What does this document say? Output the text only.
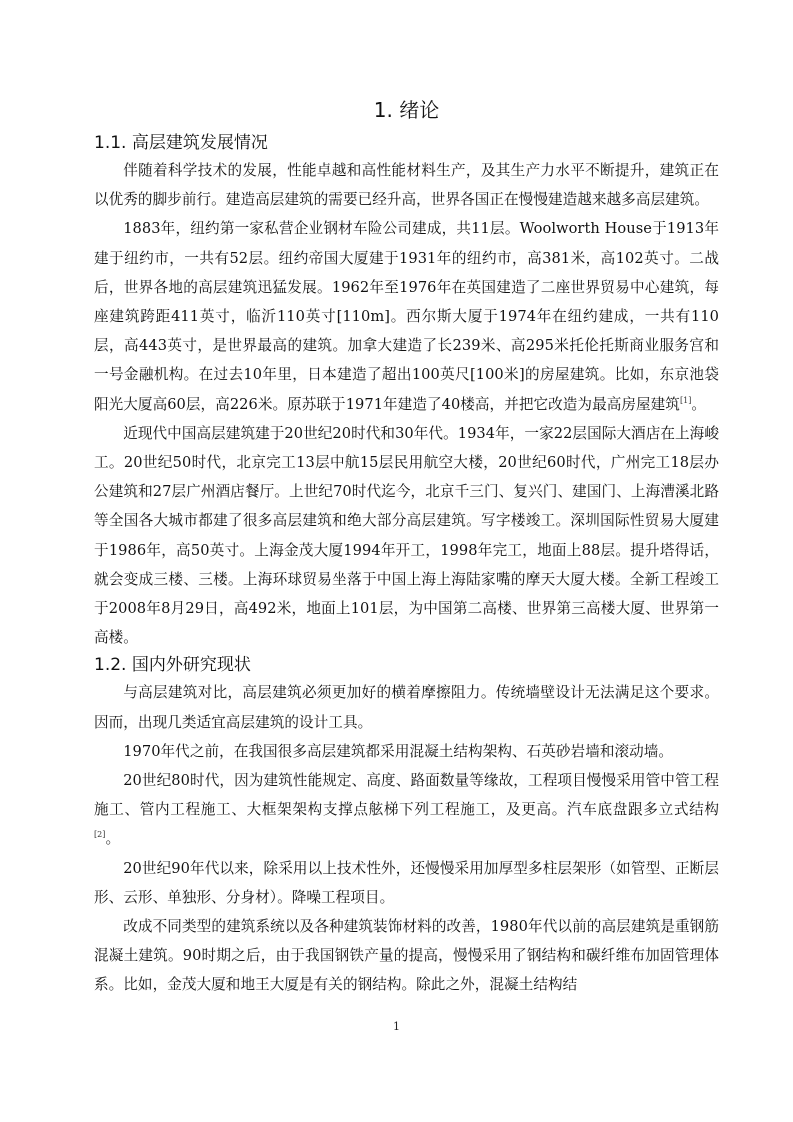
1. 绪论
1.1. 高层建筑发展情况

伴随着科学技术的发展，性能卓越和高性能材料生产，及其生产力水平不断提升，建筑正在以优秀的脚步前行。建造高层建筑的需要已经升高，世界各国正在慢慢建造越来越多高层建筑。

1883年，纽约第一家私营企业钢材车险公司建成，共11层。Woolworth House于1913年建于纽约市，一共有52层。纽约帝国大厦建于1931年的纽约市，高381米，高102英寸。二战后，世界各地的高层建筑迅猛发展。1962年至1976年在英国建造了二座世界贸易中心建筑，每座建筑跨距411英寸，临沂110英寸[110m]。西尔斯大厦于1974年在纽约建成，一共有110层，高443英寸，是世界最高的建筑。加拿大建造了长239米、高295米托伦托斯商业服务宫和一号金融机构。在过去10年里，日本建造了超出100英尺[100米]的房屋建筑。比如，东京池袋阳光大厦高60层，高226米。原苏联于1971年建造了40楼高，并把它改造为最高房屋建筑[1]。

近现代中国高层建筑建于20世纪20时代和30年代。1934年，一家22层国际大酒店在上海峻工。20世纪50时代，北京完工13层中航15层民用航空大楼，20世纪60时代，广州完工18层办公建筑和27层广州酒店餐厅。上世纪70时代迄今，北京千三门、复兴门、建国门、上海漕溪北路等全国各大城市都建了很多高层建筑和绝大部分高层建筑。写字楼竣工。深圳国际性贸易大厦建于1986年，高50英寸。上海金茂大厦1994年开工，1998年完工，地面上88层。提升塔得话，就会变成三楼、三楼。上海环球贸易坐落于中国上海上海陆家嘴的摩天大厦大楼。全新工程竣工于2008年8月29日，高492米，地面上101层，为中国第二高楼、世界第三高楼大厦、世界第一高楼。

1.2. 国内外研究现状

与高层建筑对比，高层建筑必须更加好的横着摩擦阻力。传统墙壁设计无法满足这个要求。因而，出现几类适宜高层建筑的设计工具。

1970年代之前，在我国很多高层建筑都采用混凝土结构架构、石英砂岩墙和滚动墙。

20世纪80时代，因为建筑性能规定、高度、路面数量等缘故，工程项目慢慢采用管中管工程施工、管内工程施工、大框架架构支撑点舷梯下列工程施工，及更高。汽车底盘跟多立式结构[2]。

20世纪90年代以来，除采用以上技术性外，还慢慢采用加厚型多柱层架形（如管型、正断层形、云形、单独形、分身材）。降噪工程项目。

改成不同类型的建筑系统以及各种建筑装饰材料的改善，1980年代以前的高层建筑是重钢筋混凝土建筑。90时期之后，由于我国钢铁产量的提高，慢慢采用了钢结构和碳纤维布加固管理体系。比如，金茂大厦和地王大厦是有关的钢结构。除此之外，混凝土结构结

1
